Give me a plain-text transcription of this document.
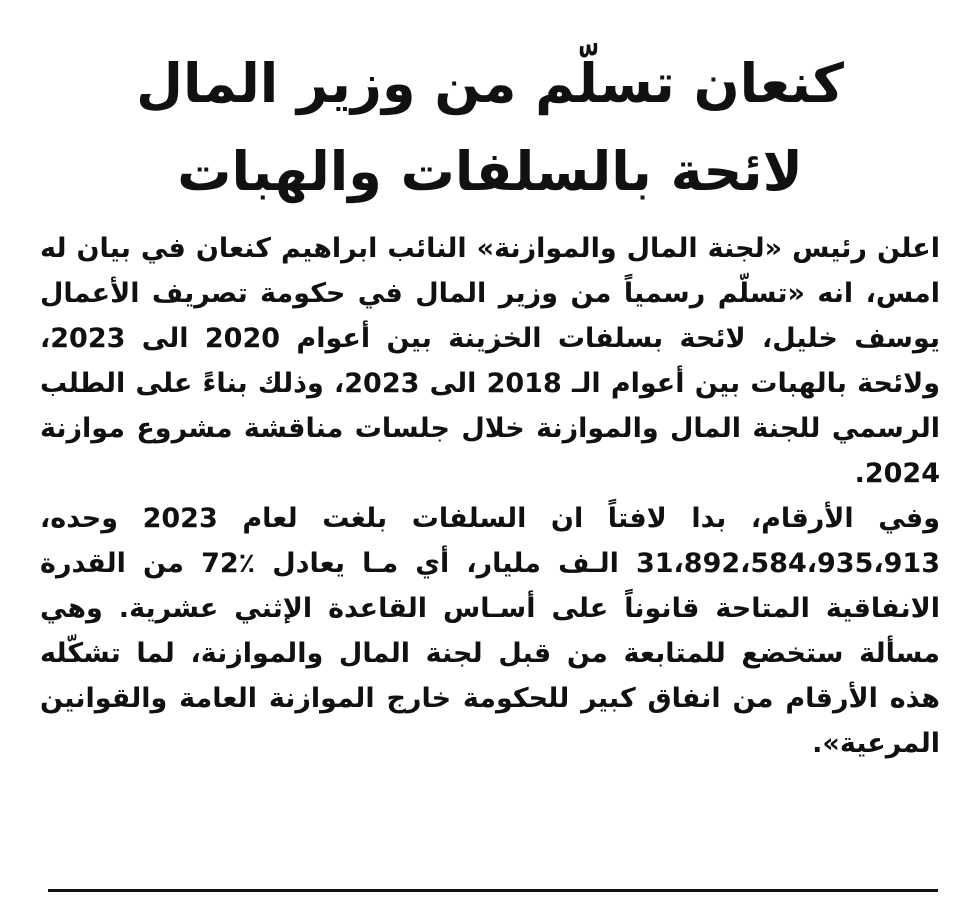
كنعان تسلّم من وزير المال
لائحة بالسلفات والهبات

اعلن رئيس «لجنة المال والموازنة» النائب ابراهيم كنعان في بيان له امس، انه «تسلّم رسمياً من وزير المال في حكومة تصريف الأعمال يوسف خليل، لائحة بسلفات الخزينة بين أعوام 2020 الى 2023، ولائحة بالهبات بين أعوام الـ 2018 الى 2023، وذلك بناءً على الطلب الرسمي للجنة المال والموازنة خلال جلسات مناقشة مشروع موازنة 2024.

وفي الأرقام، بدا لافتاً ان السلفات بلغت لعام 2023 وحده، 31،892،584،935،913 الـف مليار، أي مـا يعادل ٪72 من القدرة الانفاقية المتاحة قانوناً على أسـاس القاعدة الإثني عشرية. وهي مسألة ستخضع للمتابعة من قبل لجنة المال والموازنة، لما تشكّله هذه الأرقام من انفاق كبير للحكومة خارج الموازنة العامة والقوانين المرعية».
